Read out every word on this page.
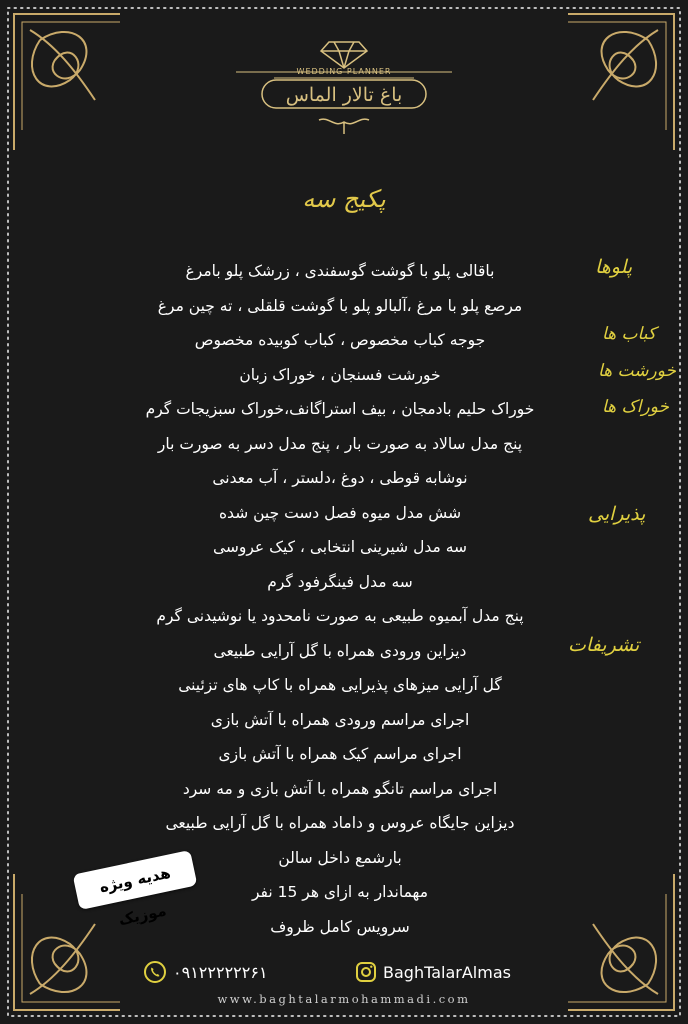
WEDDING PLANNER
باغ تالار الماس
پکیج سه
پلوها
کباب ها
خورشت ها
خوراک ها
پذیرایی
تشریفات
باقالی پلو با گوشت گوسفندی ، زرشک پلو بامرغ
مرصع پلو با مرغ ،آلبالو پلو با گوشت قلقلی ، ته چین مرغ
جوجه کباب مخصوص ، کباب کوبیده مخصوص
خورشت فسنجان ، خوراک زبان
خوراک حلیم بادمجان ، بیف استراگانف،خوراک سبزیجات گرم
پنج مدل سالاد به صورت بار ، پنج مدل دسر به صورت بار
نوشابه قوطی ، دوغ ،دلستر ، آب معدنی
شش مدل میوه فصل دست چین شده
سه مدل شیرینی انتخابی ، کیک عروسی
سه مدل فینگرفود گرم
پنج مدل آبمیوه طبیعی به صورت نامحدود یا نوشیدنی گرم
دیزاین ورودی همراه با گل آرایی طبیعی
گل آرایی میزهای پذیرایی همراه با کاپ های تزئینی
اجرای مراسم ورودی همراه با آتش بازی
اجرای مراسم کیک همراه با آتش بازی
اجرای مراسم تانگو همراه با آتش بازی و مه سرد
دیزاین جایگاه عروس و داماد همراه با گل آرایی طبیعی
بارشمع داخل سالن
مهماندار به ازای هر 15 نفر
سرویس کامل ظروف
هدیه ویژه موزیک
۰۹۱۲۲۲۲۲۲۶۱	BaghTalarAlmas
www.baghtalarmohammadi.com
